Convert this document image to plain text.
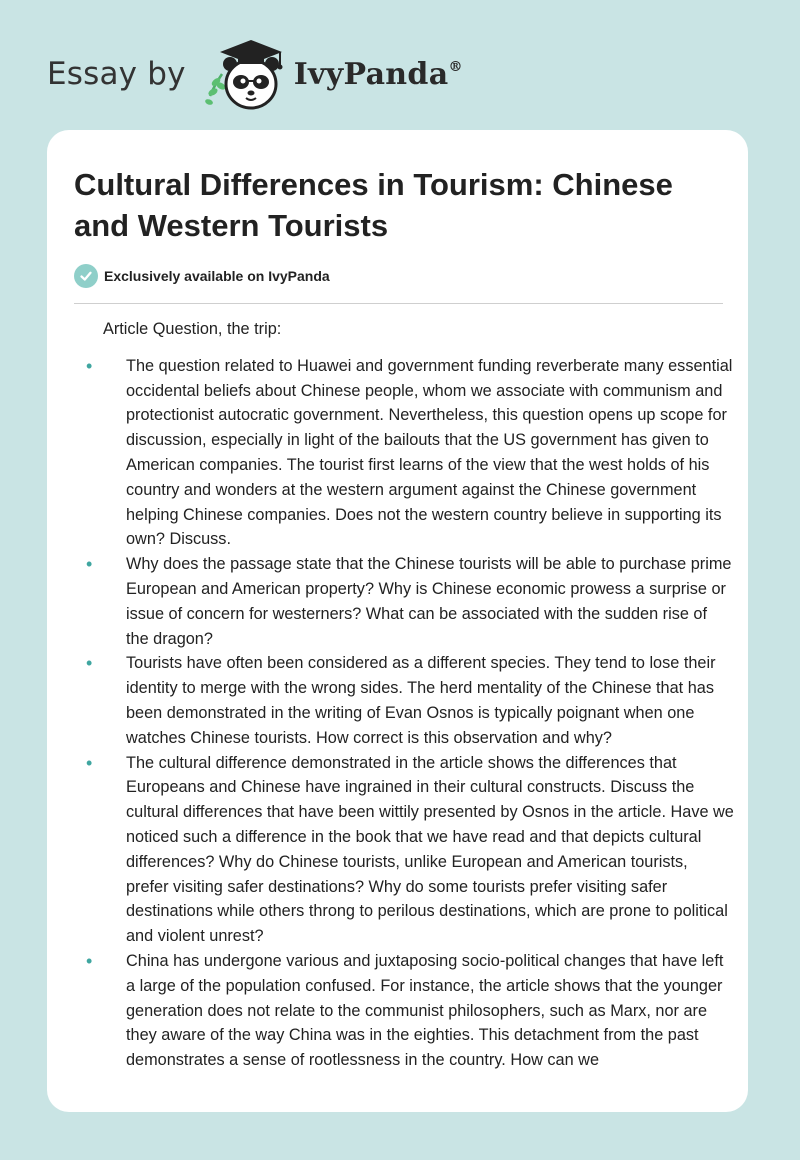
Essay by	IvyPanda®
Cultural Differences in Tourism: Chinese and Western Tourists
Exclusively available on IvyPanda

Article Question, the trip:

• The question related to Huawei and government funding reverberate many essential occidental beliefs about Chinese people, whom we associate with communism and protectionist autocratic government. Nevertheless, this question opens up scope for discussion, especially in light of the bailouts that the US government has given to American companies. The tourist first learns of the view that the west holds of his country and wonders at the western argument against the Chinese government helping Chinese companies. Does not the western country believe in supporting its own? Discuss.
• Why does the passage state that the Chinese tourists will be able to purchase prime European and American property? Why is Chinese economic prowess a surprise or issue of concern for westerners? What can be associated with the sudden rise of the dragon?
• Tourists have often been considered as a different species. They tend to lose their identity to merge with the wrong sides. The herd mentality of the Chinese that has been demonstrated in the writing of Evan Osnos is typically poignant when one watches Chinese tourists. How correct is this observation and why?
• The cultural difference demonstrated in the article shows the differences that Europeans and Chinese have ingrained in their cultural constructs. Discuss the cultural differences that have been wittily presented by Osnos in the article. Have we noticed such a difference in the book that we have read and that depicts cultural differences? Why do Chinese tourists, unlike European and American tourists, prefer visiting safer destinations? Why do some tourists prefer visiting safer destinations while others throng to perilous destinations, which are prone to political and violent unrest?
• China has undergone various and juxtaposing socio-political changes that have left a large of the population confused. For instance, the article shows that the younger generation does not relate to the communist philosophers, such as Marx, nor are they aware of the way China was in the eighties. This detachment from the past demonstrates a sense of rootlessness in the country. How can we
